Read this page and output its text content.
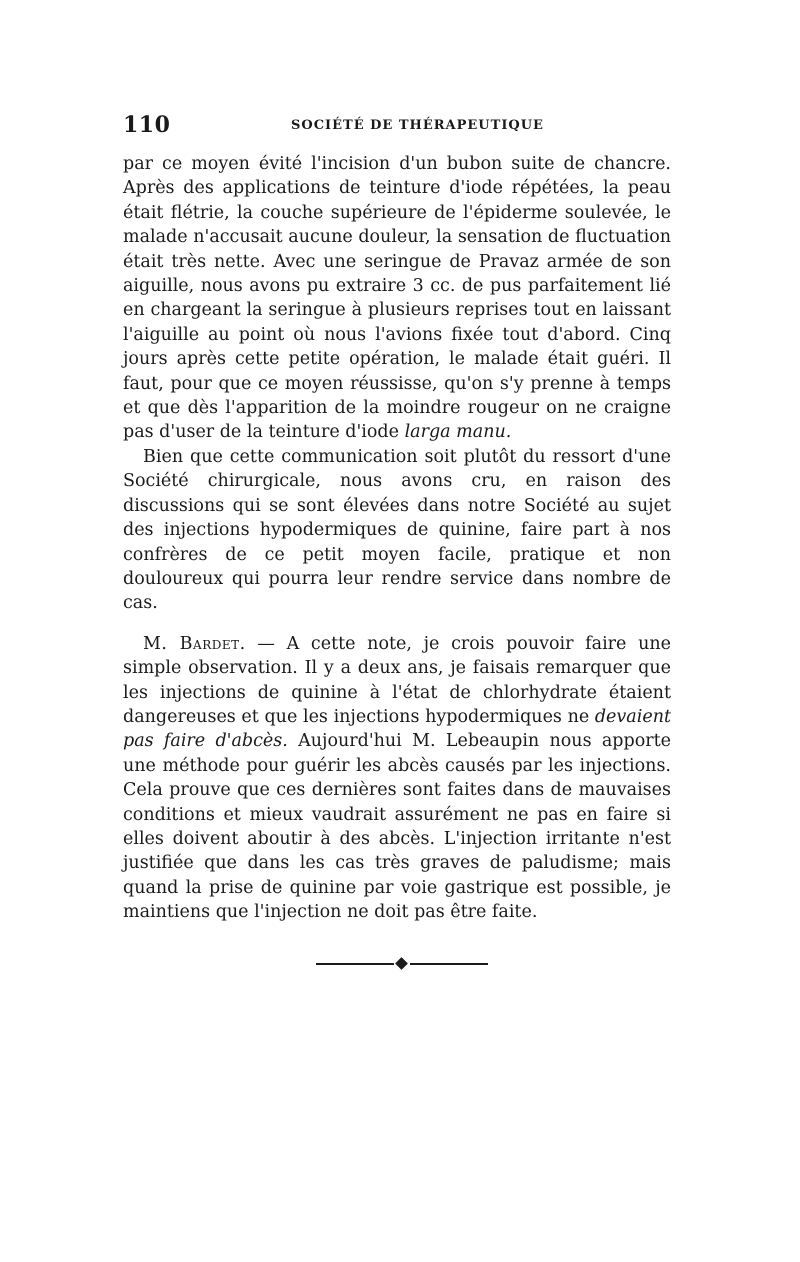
110	SOCIÉTÉ DE THÉRAPEUTIQUE

par ce moyen évité l'incision d'un bubon suite de chancre. Après des applications de teinture d'iode répétées, la peau était flétrie, la couche supérieure de l'épiderme soulevée, le malade n'accusait aucune douleur, la sensation de fluctuation était très nette. Avec une seringue de Pravaz armée de son aiguille, nous avons pu extraire 3 cc. de pus parfaitement lié en chargeant la seringue à plusieurs reprises tout en laissant l'aiguille au point où nous l'avions fixée tout d'abord. Cinq jours après cette petite opération, le malade était guéri. Il faut, pour que ce moyen réussisse, qu'on s'y prenne à temps et que dès l'apparition de la moindre rougeur on ne craigne pas d'user de la teinture d'iode larga manu.

Bien que cette communication soit plutôt du ressort d'une Société chirurgicale, nous avons cru, en raison des discussions qui se sont élevées dans notre Société au sujet des injections hypodermiques de quinine, faire part à nos confrères de ce petit moyen facile, pratique et non douloureux qui pourra leur rendre service dans nombre de cas.

M. Bardet. — A cette note, je crois pouvoir faire une simple observation. Il y a deux ans, je faisais remarquer que les injections de quinine à l'état de chlorhydrate étaient dangereuses et que les injections hypodermiques ne devaient pas faire d'abcès. Aujourd'hui M. Lebeaupin nous apporte une méthode pour guérir les abcès causés par les injections. Cela prouve que ces dernières sont faites dans de mauvaises conditions et mieux vaudrait assurément ne pas en faire si elles doivent aboutir à des abcès. L'injection irritante n'est justifiée que dans les cas très graves de paludisme; mais quand la prise de quinine par voie gastrique est possible, je maintiens que l'injection ne doit pas être faite.
